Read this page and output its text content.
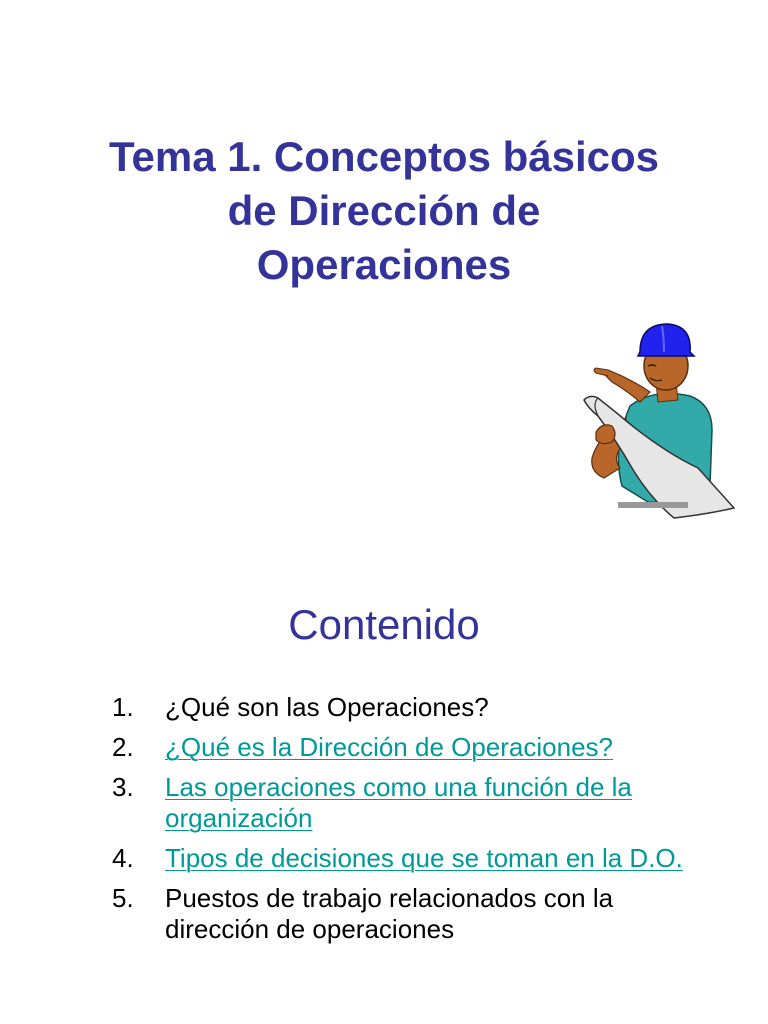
Tema 1. Conceptos básicos
de Dirección de
Operaciones
Contenido
1. ¿Qué son las Operaciones?
2. ¿Qué es la Dirección de Operaciones?
3. Las operaciones como una función de la organización
4. Tipos de decisiones que se toman en la D.O.
5. Puestos de trabajo relacionados con la dirección de operaciones
